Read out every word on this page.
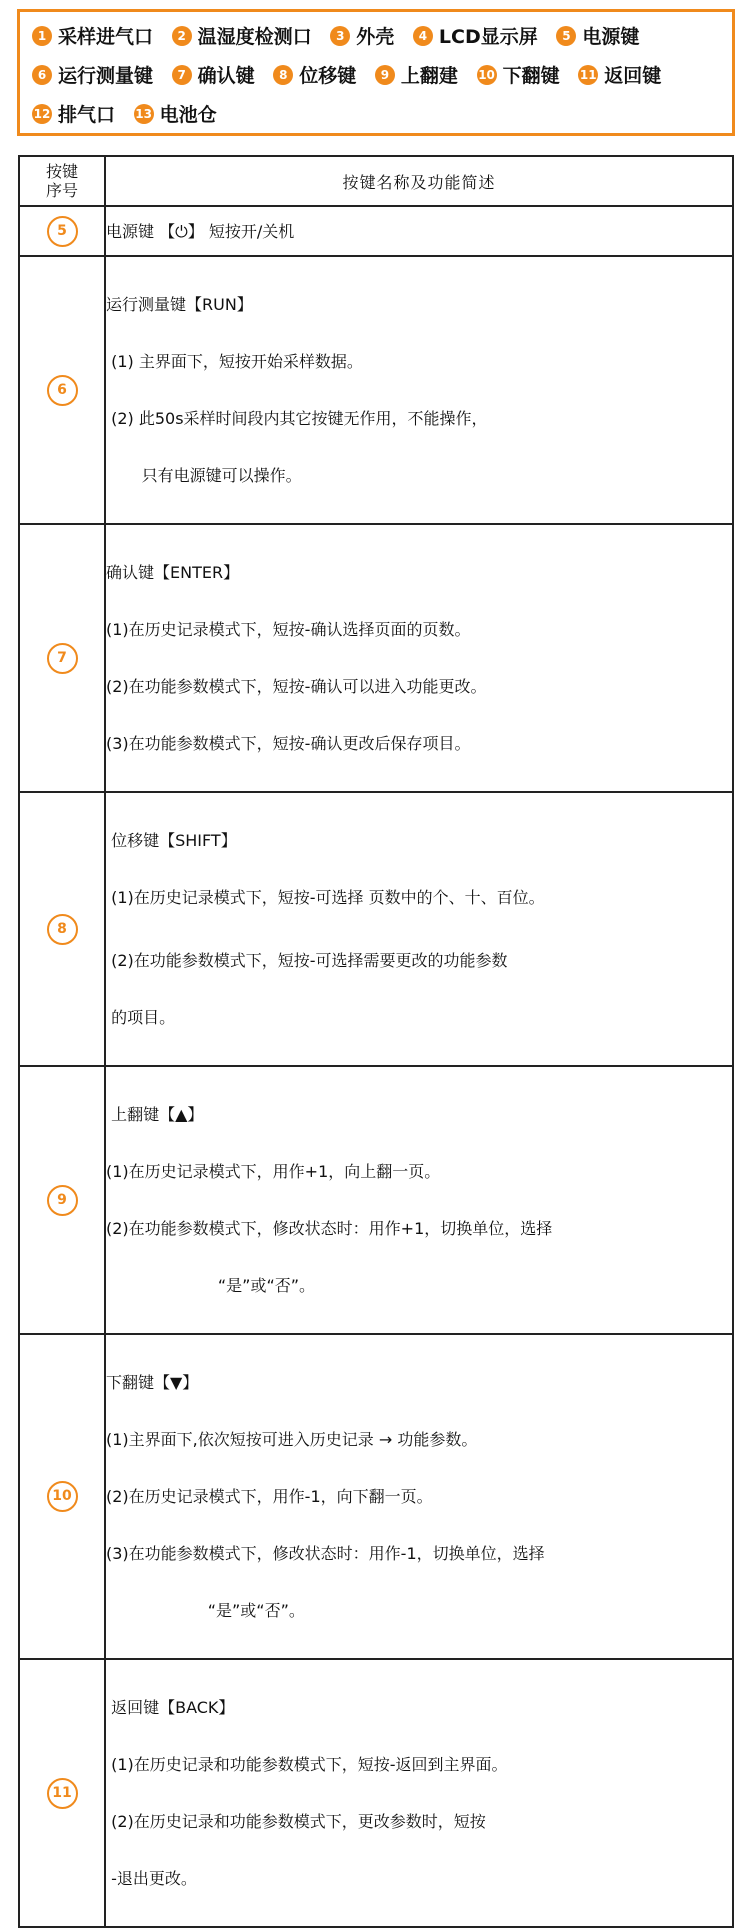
1 采样进气口 2 温湿度检测口 3 外壳 4 LCD显示屏 5 电源键
6 运行测量键 7 确认键 8 位移键 9 上翻建 10 下翻键 11 返回键
12 排气口 13 电池仓
按键
序号	按键名称及功能简述
5	电源键 【⏻】 短按开/关机

6	运行测量键【RUN】

(1) 主界面下，短按开始采样数据。

(2) 此50s采样时间段内其它按键无作用，不能操作，

只有电源键可以操作。

7	确认键【ENTER】

(1)在历史记录模式下，短按-确认选择页面的页数。

(2)在功能参数模式下，短按-确认可以进入功能更改。

(3)在功能参数模式下，短按-确认更改后保存项目。

8	位移键【SHIFT】

(1)在历史记录模式下，短按-可选择 页数中的个、十、百位。

(2)在功能参数模式下，短按-可选择需要更改的功能参数

的项目。

9	上翻键【▲】

(1)在历史记录模式下，用作+1，向上翻一页。

(2)在功能参数模式下，修改状态时：用作+1，切换单位，选择

“是”或“否”。

10	下翻键【▼】

(1)主界面下,依次短按可进入历史记录 → 功能参数。

(2)在历史记录模式下，用作-1，向下翻一页。

(3)在功能参数模式下，修改状态时：用作-1，切换单位，选择

“是”或“否”。

11	返回键【BACK】

(1)在历史记录和功能参数模式下，短按-返回到主界面。

(2)在历史记录和功能参数模式下，更改参数时，短按

-退出更改。
